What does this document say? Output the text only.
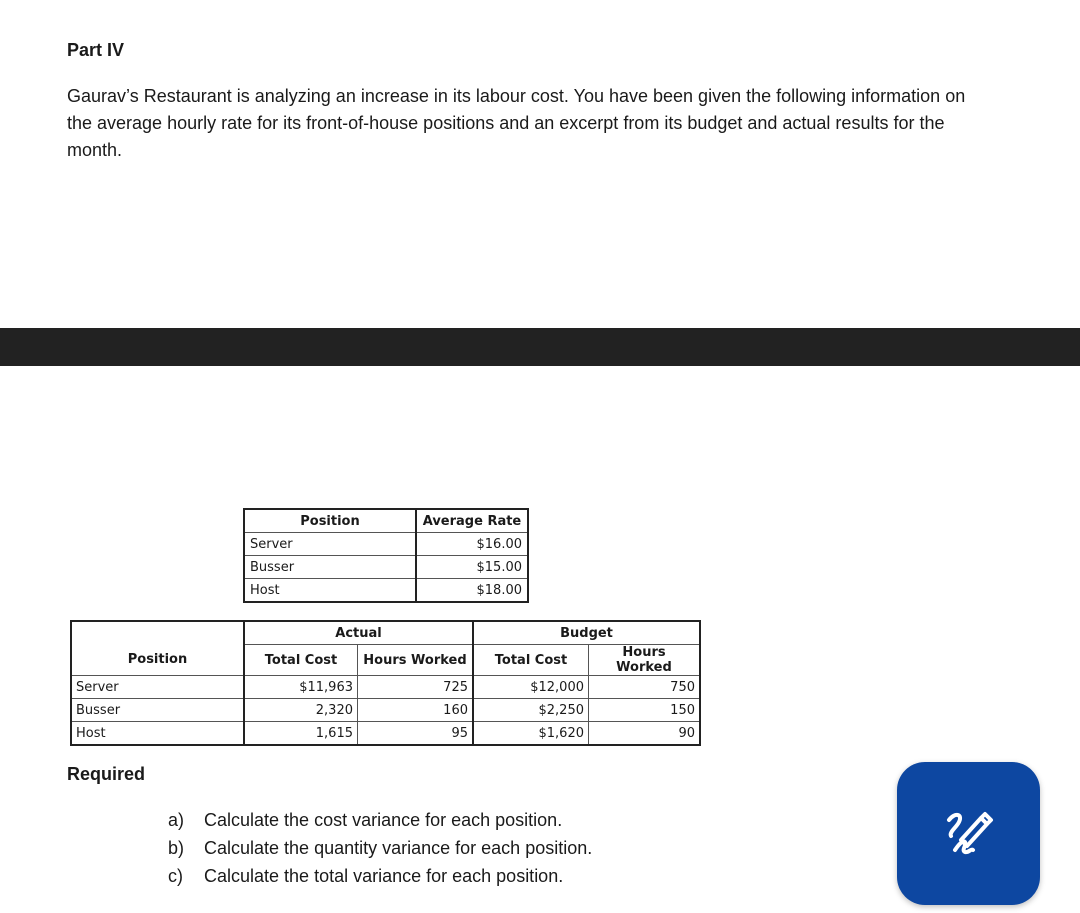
Part IV

Gaurav’s Restaurant is analyzing an increase in its labour cost. You have been given the following information on the average hourly rate for its front-of-house positions and an excerpt from its budget and actual results for the month.

Position	Average Rate
Server	$16.00
Busser	$15.00
Host	$18.00
	Actual		Budget	
Position	Total Cost	Hours Worked	Total Cost	Hours Worked
Server	$11,963	725	$12,000	750
Busser	2,320	160	$2,250	150
Host	1,615	95	$1,620	90
Required
a)	Calculate the cost variance for each position.
b)	Calculate the quantity variance for each position.
c)	Calculate the total variance for each position.
